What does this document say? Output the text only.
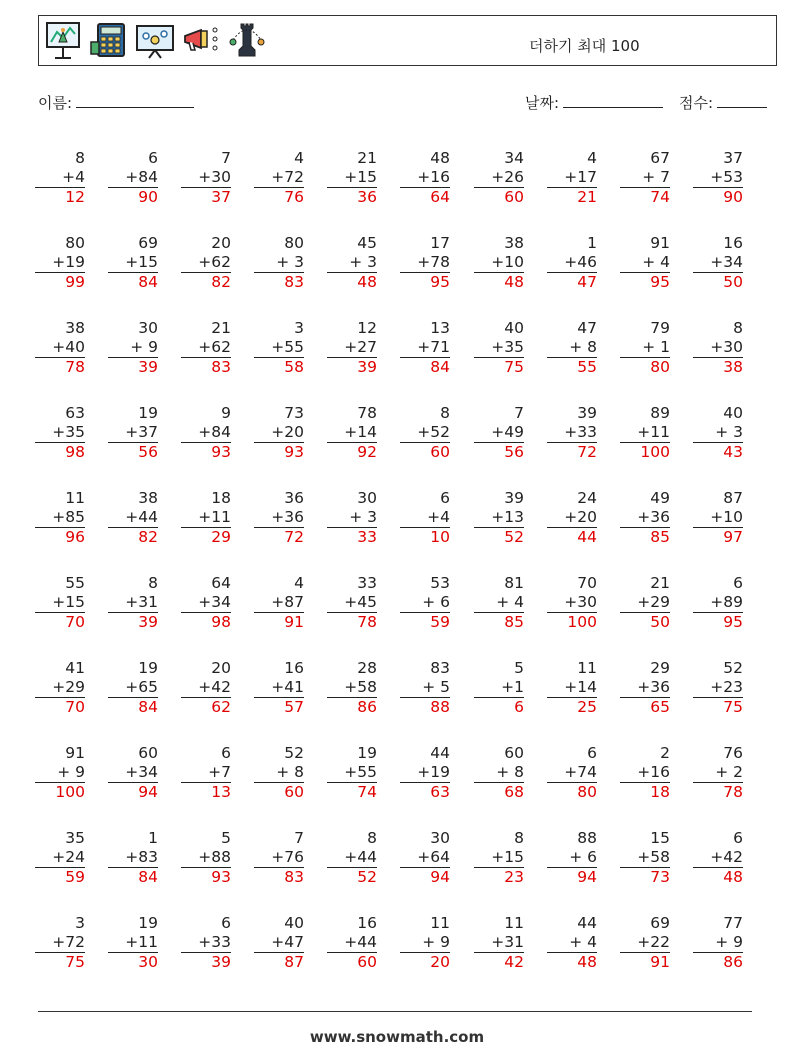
더하기 최대 100
이름:	날짜:	점수:
8
+4
12
6
+84
90
7
+30
37
4
+72
76
21
+15
36
48
+16
64
34
+26
60
4
+17
21
67
+ 7
74
37
+53
90
80
+19
99
69
+15
84
20
+62
82
80
+ 3
83
45
+ 3
48
17
+78
95
38
+10
48
1
+46
47
91
+ 4
95
16
+34
50
38
+40
78
30
+ 9
39
21
+62
83
3
+55
58
12
+27
39
13
+71
84
40
+35
75
47
+ 8
55
79
+ 1
80
8
+30
38
63
+35
98
19
+37
56
9
+84
93
73
+20
93
78
+14
92
8
+52
60
7
+49
56
39
+33
72
89
+11
100
40
+ 3
43
11
+85
96
38
+44
82
18
+11
29
36
+36
72
30
+ 3
33
6
+4
10
39
+13
52
24
+20
44
49
+36
85
87
+10
97
55
+15
70
8
+31
39
64
+34
98
4
+87
91
33
+45
78
53
+ 6
59
81
+ 4
85
70
+30
100
21
+29
50
6
+89
95
41
+29
70
19
+65
84
20
+42
62
16
+41
57
28
+58
86
83
+ 5
88
5
+1
6
11
+14
25
29
+36
65
52
+23
75
91
+ 9
100
60
+34
94
6
+7
13
52
+ 8
60
19
+55
74
44
+19
63
60
+ 8
68
6
+74
80
2
+16
18
76
+ 2
78
35
+24
59
1
+83
84
5
+88
93
7
+76
83
8
+44
52
30
+64
94
8
+15
23
88
+ 6
94
15
+58
73
6
+42
48
3
+72
75
19
+11
30
6
+33
39
40
+47
87
16
+44
60
11
+ 9
20
11
+31
42
44
+ 4
48
69
+22
91
77
+ 9
86
www.snowmath.com
